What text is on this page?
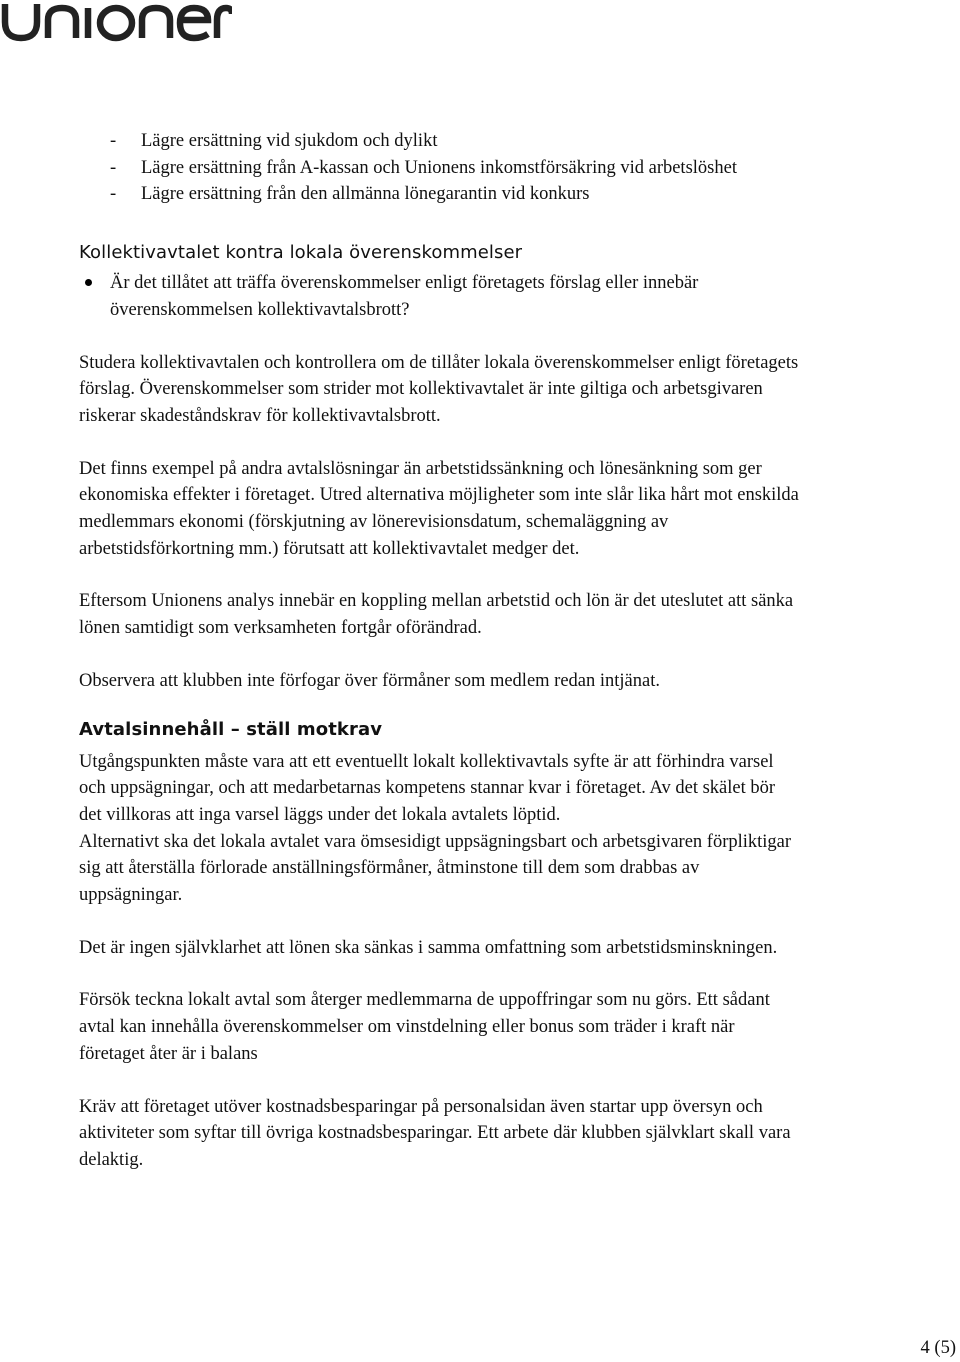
- Lägre ersättning vid sjukdom och dylikt
- Lägre ersättning från A-kassan och Unionens inkomstförsäkring vid arbetslöshet
- Lägre ersättning från den allmänna lönegarantin vid konkurs
Kollektivavtalet kontra lokala överenskommelser
Är det tillåtet att träffa överenskommelser enligt företagets förslag eller innebär överenskommelsen kollektivavtalsbrott?

Studera kollektivavtalen och kontrollera om de tillåter lokala överenskommelser enligt företagets förslag. Överenskommelser som strider mot kollektivavtalet är inte giltiga och arbetsgivaren riskerar skadeståndskrav för kollektivavtalsbrott.

Det finns exempel på andra avtalslösningar än arbetstidssänkning och lönesänkning som ger ekonomiska effekter i företaget. Utred alternativa möjligheter som inte slår lika hårt mot enskilda medlemmars ekonomi (förskjutning av lönerevisionsdatum, schemaläggning av arbetstidsförkortning mm.) förutsatt att kollektivavtalet medger det.

Eftersom Unionens analys innebär en koppling mellan arbetstid och lön är det uteslutet att sänka lönen samtidigt som verksamheten fortgår oförändrad.

Observera att klubben inte förfogar över förmåner som medlem redan intjänat.

Avtalsinnehåll – ställ motkrav

Utgångspunkten måste vara att ett eventuellt lokalt kollektivavtals syfte är att förhindra varsel och uppsägningar, och att medarbetarnas kompetens stannar kvar i företaget. Av det skälet bör det villkoras att inga varsel läggs under det lokala avtalets löptid.

Alternativt ska det lokala avtalet vara ömsesidigt uppsägningsbart och arbetsgivaren förpliktigar sig att återställa förlorade anställningsförmåner, åtminstone till dem som drabbas av uppsägningar.

Det är ingen självklarhet att lönen ska sänkas i samma omfattning som arbetstidsminskningen.

Försök teckna lokalt avtal som återger medlemmarna de uppoffringar som nu görs. Ett sådant avtal kan innehålla överenskommelser om vinstdelning eller bonus som träder i kraft när företaget åter är i balans

Kräv att företaget utöver kostnadsbesparingar på personalsidan även startar upp översyn och aktiviteter som syftar till övriga kostnadsbesparingar. Ett arbete där klubben självklart skall vara delaktig.

4 (5)
